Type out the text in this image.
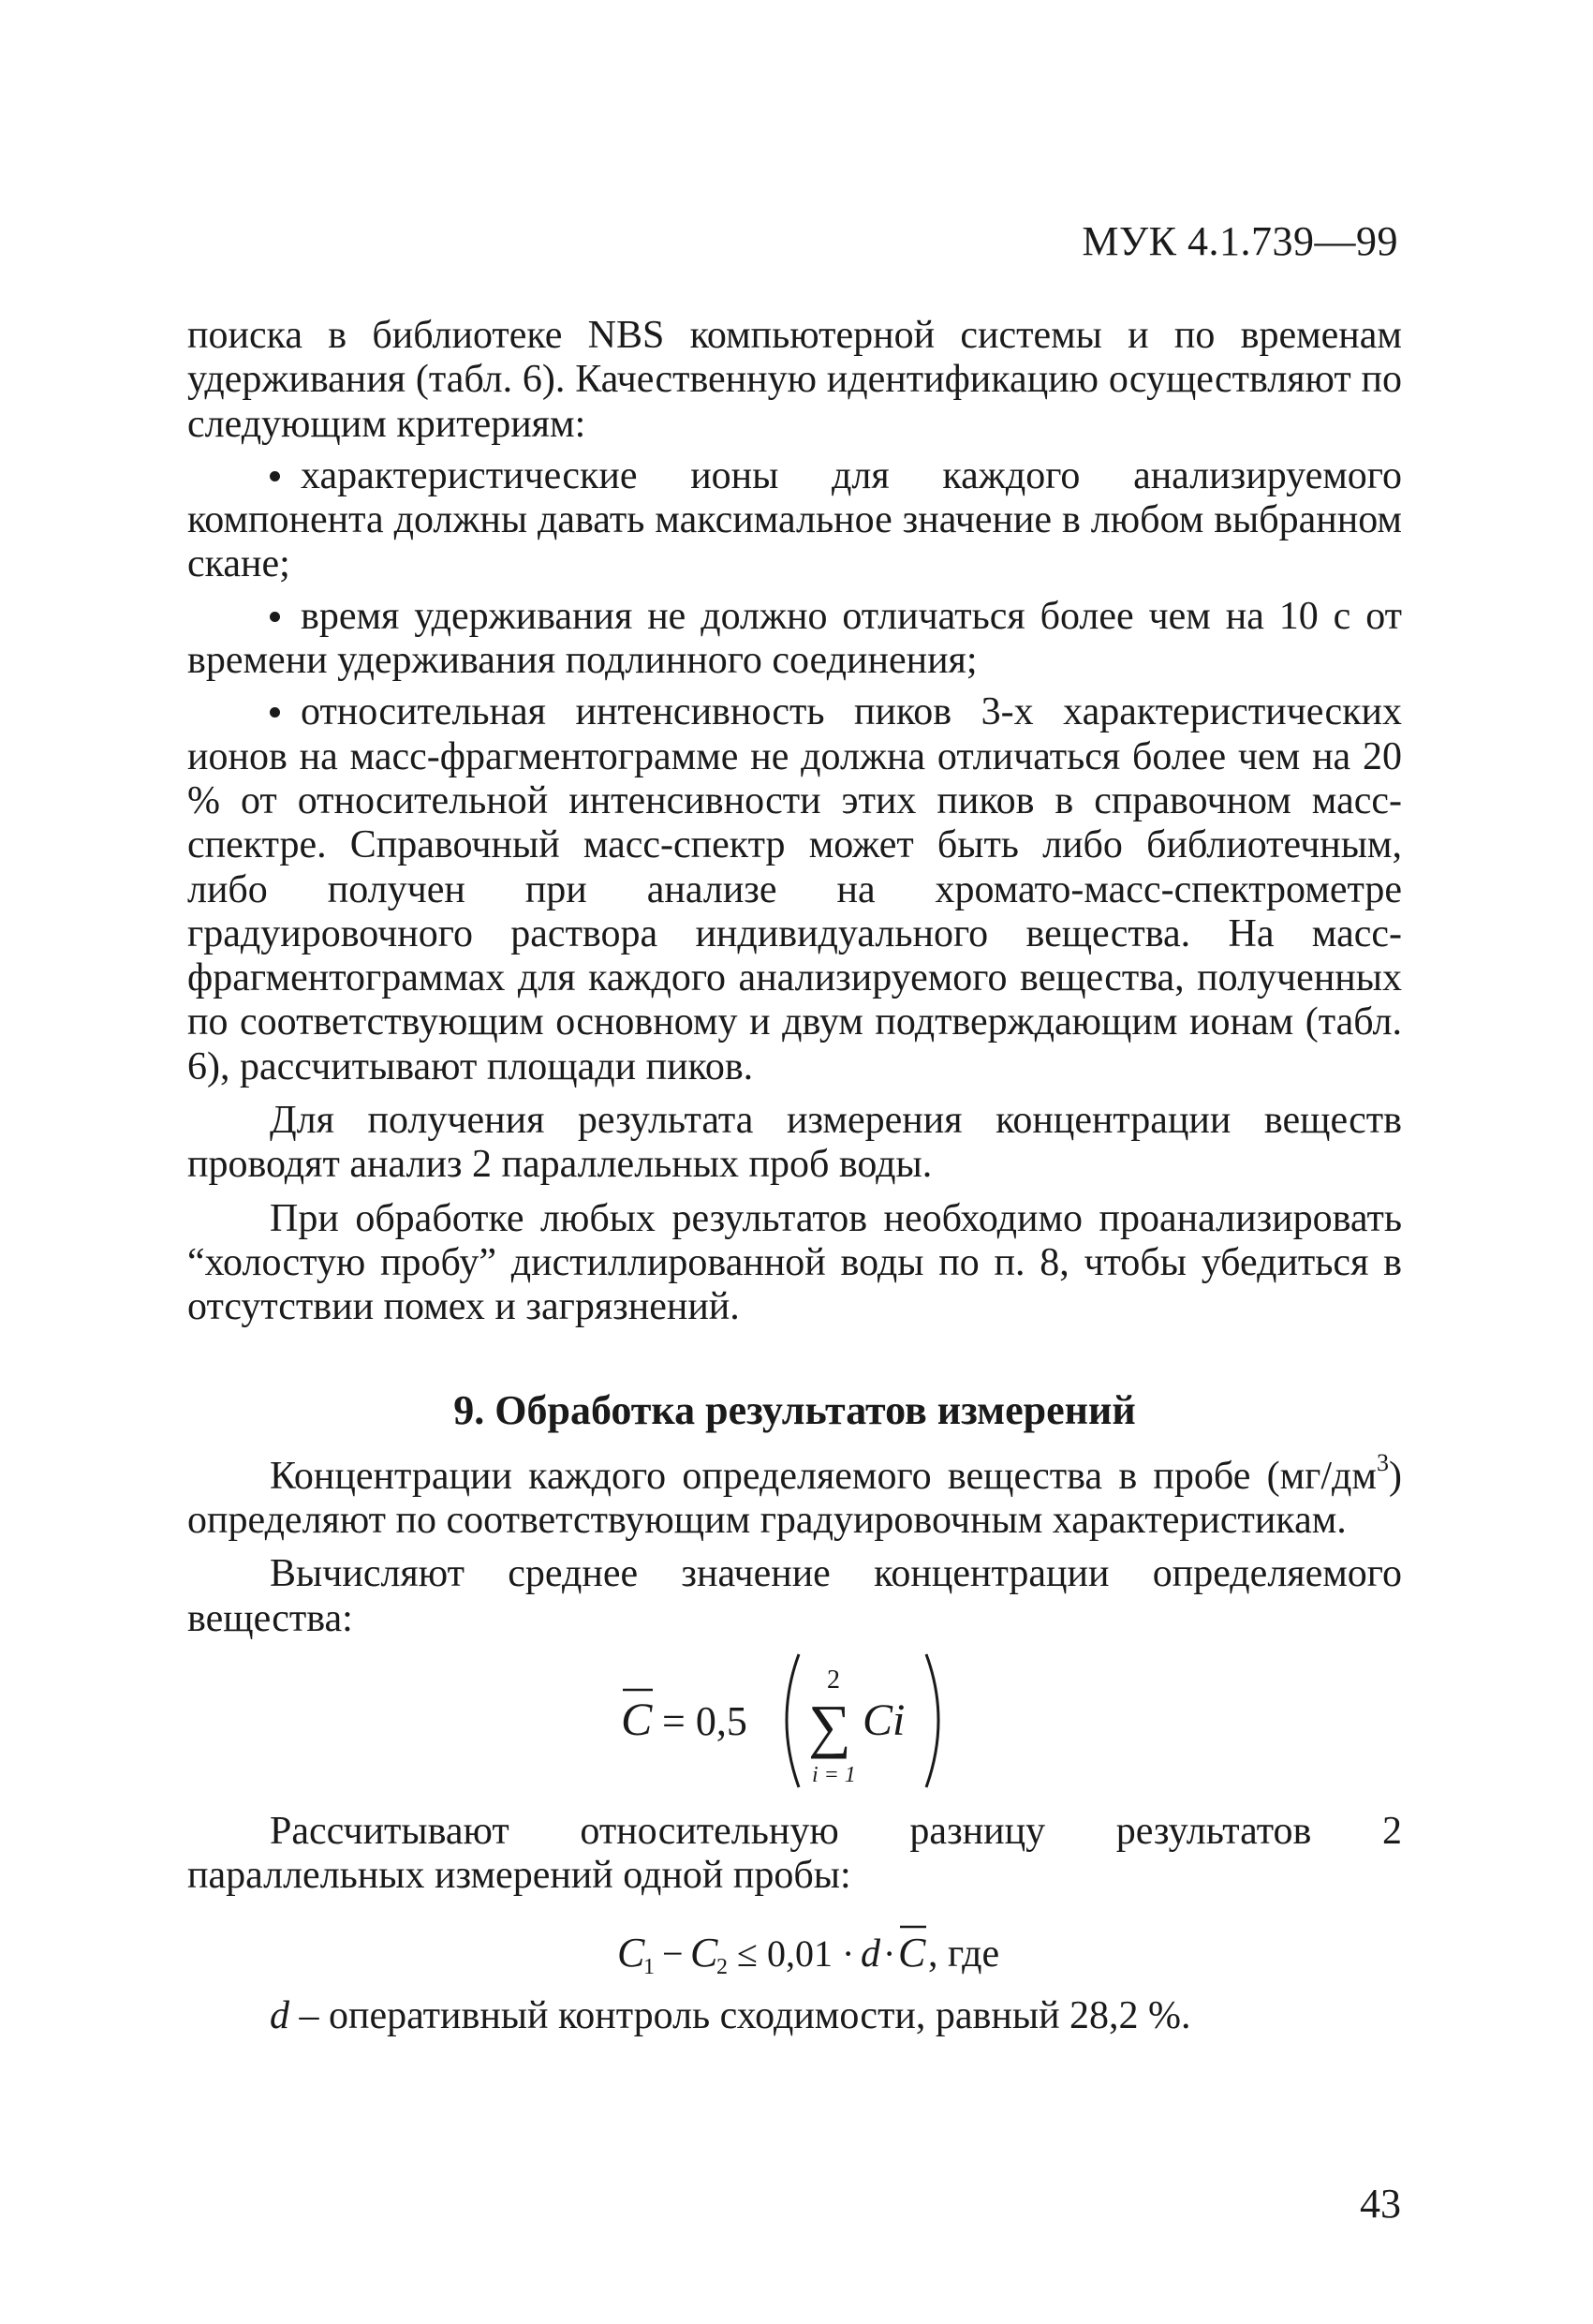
МУК 4.1.739—99

поиска в библиотеке NBS компьютерной системы и по временам удерживания (табл. 6). Качественную идентификацию осуществляют по следующим критериям:

характеристические ионы для каждого анализируемого компонента должны давать максимальное значение в любом выбранном скане;

время удерживания не должно отличаться более чем на 10 с от времени удерживания подлинного соединения;

относительная интенсивность пиков 3-х характеристических ионов на масс-фрагментограмме не должна отличаться более чем на 20 % от относительной интенсивности этих пиков в справочном масс-спектре. Справочный масс-спектр может быть либо библиотечным, либо получен при анализе на хромато-масс-спектрометре градуировочного раствора индивидуального вещества. На масс-фрагментограммах для каждого анализируемого вещества, полученных по соответствующим основному и двум подтверждающим ионам (табл. 6), рассчитывают площади пиков.

Для получения результата измерения концентрации веществ проводят анализ 2 параллельных проб воды.

При обработке любых результатов необходимо проанализировать “холостую пробу” дистиллированной воды по п. 8, чтобы убедиться в отсутствии помех и загрязнений.

9. Обработка результатов измерений

Концентрации каждого определяемого вещества в пробе $(мг/дм^3)$ определяют по соответствующим градуировочным характеристикам.

Вычисляют среднее значение концентрации определяемого вещества:

C = 0,5
2
∑
i = 1
Ci

Рассчитывают относительную разницу результатов 2 параллельных измерений одной пробы:

C
1 − C
2 ≤ 0,01 · d · C , где

d – оперативный контроль сходимости, равный 28,2 %.

43
